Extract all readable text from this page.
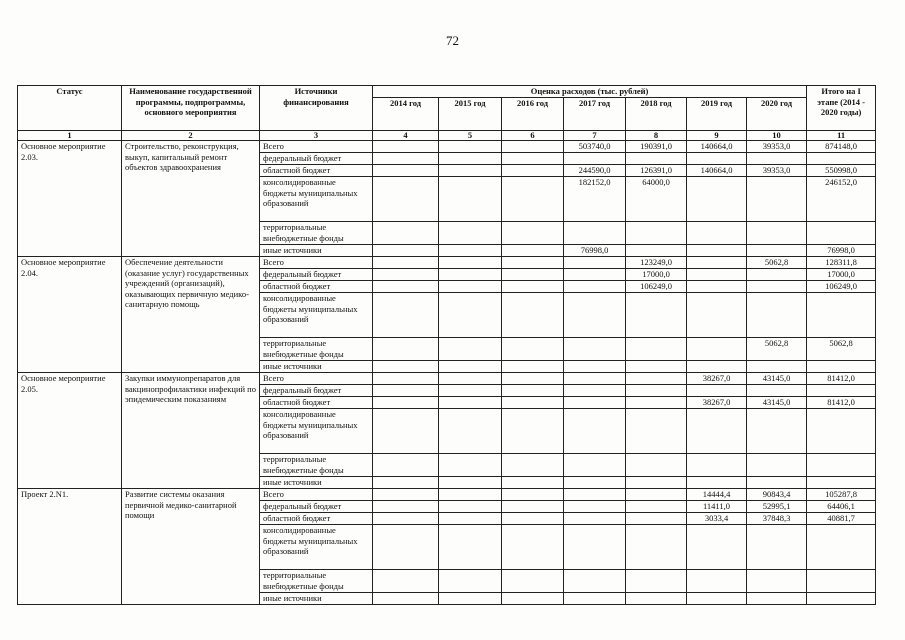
72
Статус	Наименование государственной программы, подпрограммы, основного мероприятия	Источники финансирования	Оценка расходов (тыс. рублей)							Итого на I этапе (2014 - 2020 годы)
			2014 год	2015 год	2016 год	2017 год	2018 год	2019 год	2020 год	
1	2	3	4	5	6	7	8	9	10	11
Основное мероприятие 2.03.	Строительство, реконструкция, выкуп, капитальный ремонт объектов здравоохранения	Всего				503740,0	190391,0	140664,0	39353,0	874148,0
		федеральный бюджет								
		областной бюджет				244590,0	126391,0	140664,0	39353,0	550998,0
		консолидированные бюджеты муниципальных образований				182152,0	64000,0			246152,0
		территориальные внебюджетные фонды								
		иные источники				76998,0				76998,0
Основное мероприятие 2.04.	Обеспечение деятельности (оказание услуг) государственных учреждений (организаций), оказывающих первичную медико-санитарную помощь	Всего					123249,0		5062,8	128311,8
		федеральный бюджет					17000,0			17000,0
		областной бюджет					106249,0			106249,0
		консолидированные бюджеты муниципальных образований								
		территориальные внебюджетные фонды							5062,8	5062,8
		иные источники								
Основное мероприятие 2.05.	Закупки иммунопрепаратов для вакцинопрофилактики инфекций по эпидемическим показаниям	Всего						38267,0	43145,0	81412,0
		федеральный бюджет								
		областной бюджет						38267,0	43145,0	81412,0
		консолидированные бюджеты муниципальных образований								
		территориальные внебюджетные фонды								
		иные источники								
Проект 2.N1.	Развитие системы оказания первичной медико-санитарной помощи	Всего						14444,4	90843,4	105287,8
		федеральный бюджет						11411,0	52995,1	64406,1
		областной бюджет						3033,4	37848,3	40881,7
		консолидированные бюджеты муниципальных образований								
		территориальные внебюджетные фонды								
		иные источники								
